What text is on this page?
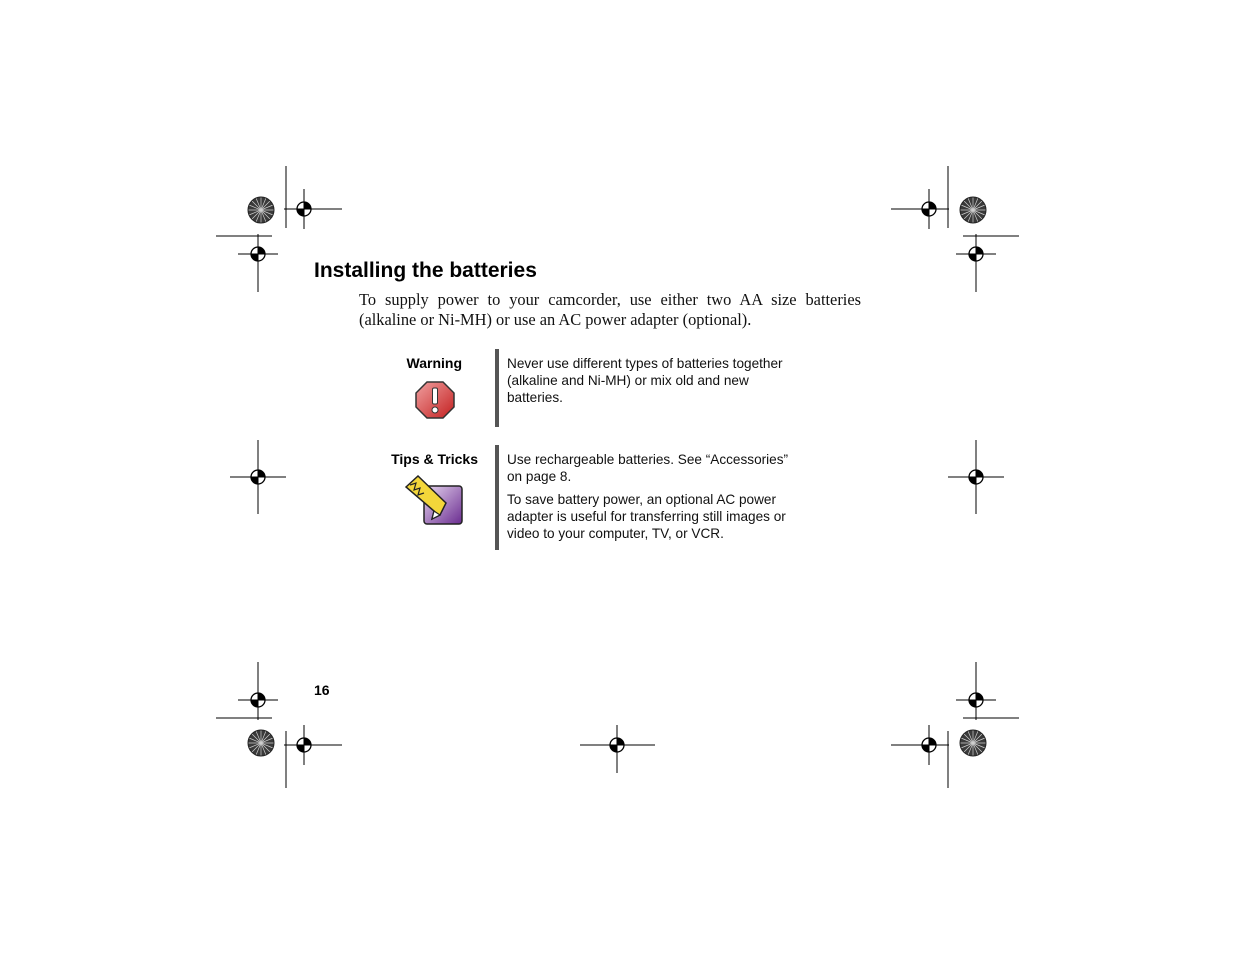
Installing the batteries

To supply power to your camcorder, use either two AA size batteries (alkaline or Ni-MH) or use an AC power adapter (optional).

Warning	Never use different types of batteries together (alkaline and Ni-MH) or mix old and new batteries.
Tips & Tricks Use rechargeable batteries. See “Accessories” on page 8.

To save battery power, an optional AC power adapter is useful for transferring still images or video to your computer, TV, or VCR.

16
